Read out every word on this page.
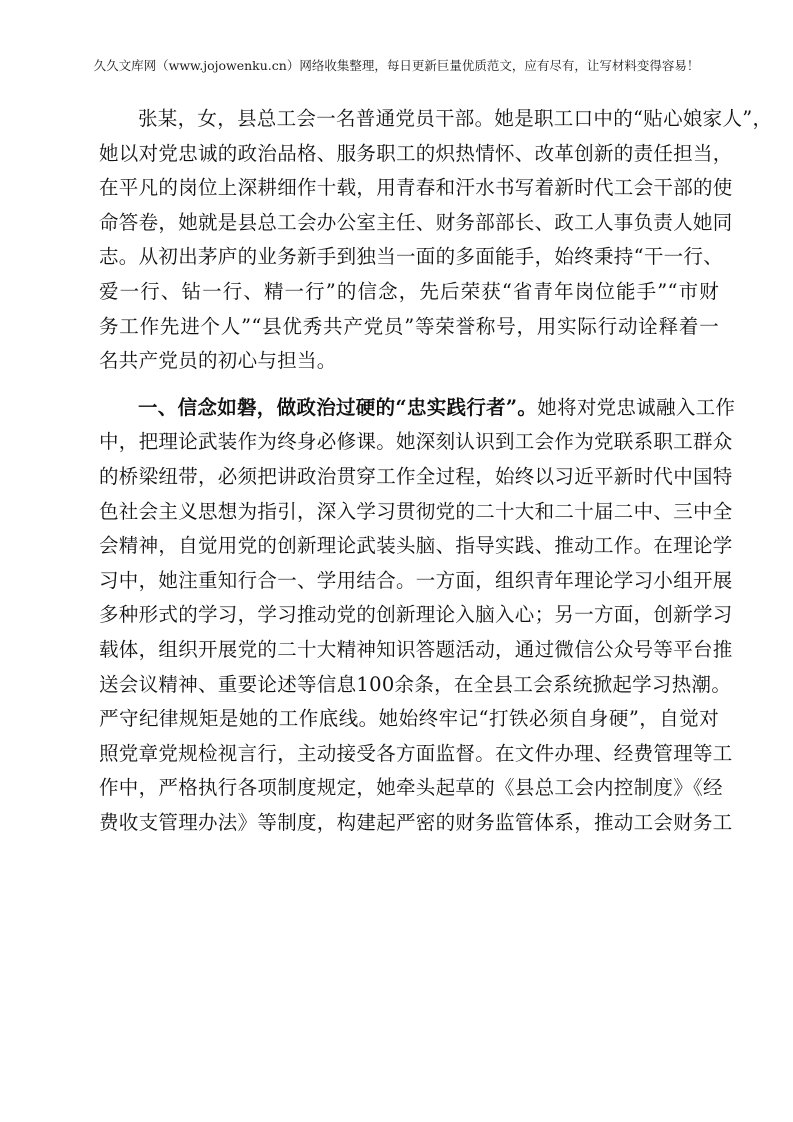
久久文库网（www.jojowenku.cn）网络收集整理，每日更新巨量优质范文，应有尽有，让写材料变得容易！
张某，女，县总工会一名普通党员干部。她是职工口中的“贴心娘家人”，
她以对党忠诚的政治品格、服务职工的炽热情怀、改革创新的责任担当，
在平凡的岗位上深耕细作十载，用青春和汗水书写着新时代工会干部的使
命答卷，她就是县总工会办公室主任、财务部部长、政工人事负责人她同
志。从初出茅庐的业务新手到独当一面的多面能手，始终秉持“干一行、
爱一行、钻一行、精一行”的信念，先后荣获“省青年岗位能手”“市财
务工作先进个人”“县优秀共产党员”等荣誉称号，用实际行动诠释着一
名共产党员的初心与担当。
一、信念如磐，做政治过硬的“忠实践行者”。她将对党忠诚融入工作
中，把理论武装作为终身必修课。她深刻认识到工会作为党联系职工群众
的桥梁纽带，必须把讲政治贯穿工作全过程，始终以习近平新时代中国特
色社会主义思想为指引，深入学习贯彻党的二十大和二十届二中、三中全
会精神，自觉用党的创新理论武装头脑、指导实践、推动工作。在理论学
习中，她注重知行合一、学用结合。一方面，组织青年理论学习小组开展
多种形式的学习，学习推动党的创新理论入脑入心；另一方面，创新学习
载体，组织开展党的二十大精神知识答题活动，通过微信公众号等平台推
送会议精神、重要论述等信息100余条，在全县工会系统掀起学习热潮。
严守纪律规矩是她的工作底线。她始终牢记“打铁必须自身硬”，自觉对
照党章党规检视言行，主动接受各方面监督。在文件办理、经费管理等工
作中，严格执行各项制度规定，她牵头起草的《县总工会内控制度》《经
费收支管理办法》等制度，构建起严密的财务监管体系，推动工会财务工
